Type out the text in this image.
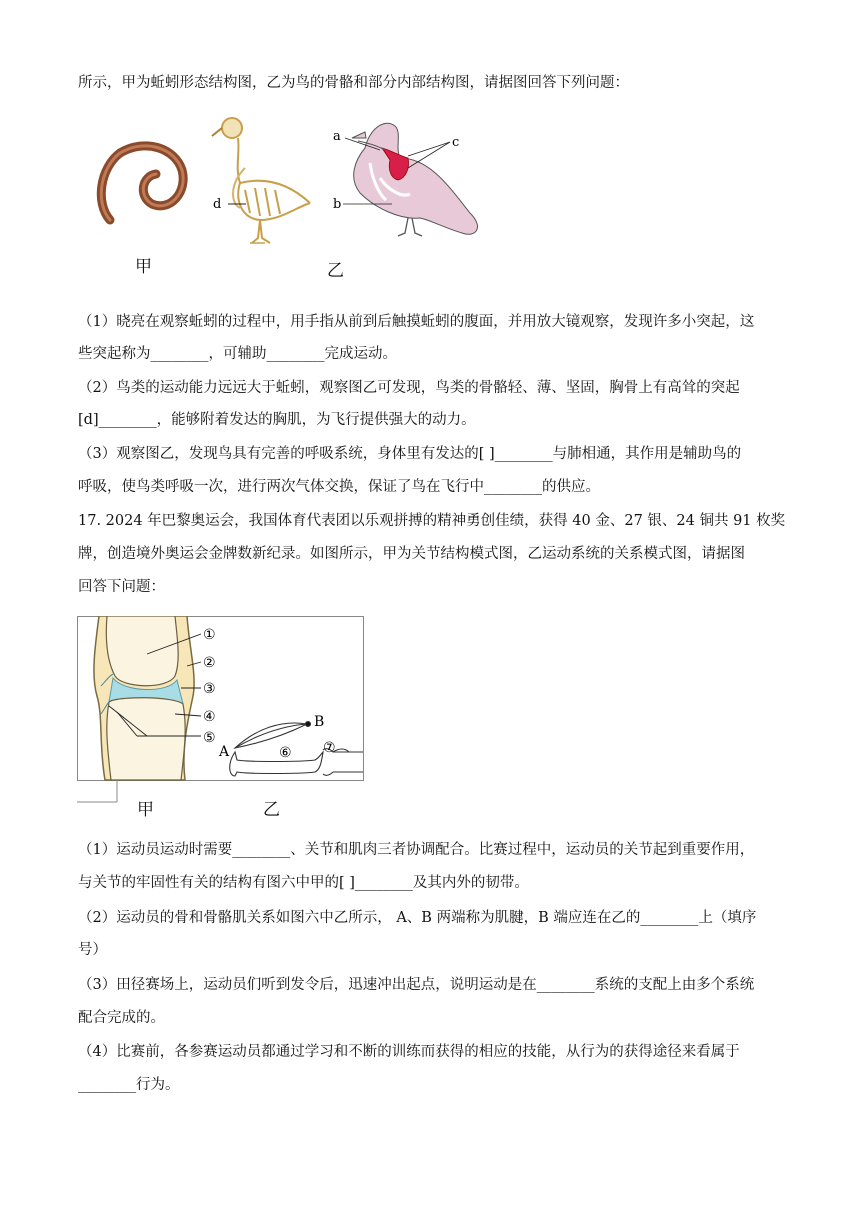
所示，甲为蚯蚓形态结构图，乙为鸟的骨骼和部分内部结构图，请据图回答下列问题：
d
a
b
c
甲	乙
（1）晓亮在观察蚯蚓的过程中，用手指从前到后触摸蚯蚓的腹面，并用放大镜观察，发现许多小突起，这
些突起称为________，可辅助________完成运动。
（2）鸟类的运动能力远远大于蚯蚓，观察图乙可发现，鸟类的骨骼轻、薄、坚固，胸骨上有高耸的突起
[d]________，能够附着发达的胸肌，为飞行提供强大的动力。
（3）观察图乙，发现鸟具有完善的呼吸系统，身体里有发达的[ ]________与肺相通，其作用是辅助鸟的
呼吸，使鸟类呼吸一次，进行两次气体交换，保证了鸟在飞行中________的供应。
17. 2024 年巴黎奥运会，我国体育代表团以乐观拼搏的精神勇创佳绩，获得 40 金、27 银、24 铜共 91 枚奖
牌，创造境外奥运会金牌数新纪录。如图所示，甲为关节结构模式图，乙运动系统的关系模式图，请据图
回答下问题：
①
②
③
④
⑤
A
B
⑥ ⑦
甲	乙
（1）运动员运动时需要________、关节和肌肉三者协调配合。比赛过程中，运动员的关节起到重要作用，
与关节的牢固性有关的结构有图六中甲的[ ]________及其内外的韧带。
（2）运动员的骨和骨骼肌关系如图六中乙所示， A、B 两端称为肌腱，B 端应连在乙的________上（填序
号）
（3）田径赛场上，运动员们听到发令后，迅速冲出起点，说明运动是在________系统的支配上由多个系统
配合完成的。
（4）比赛前，各参赛运动员都通过学习和不断的训练而获得的相应的技能，从行为的获得途径来看属于
________行为。
